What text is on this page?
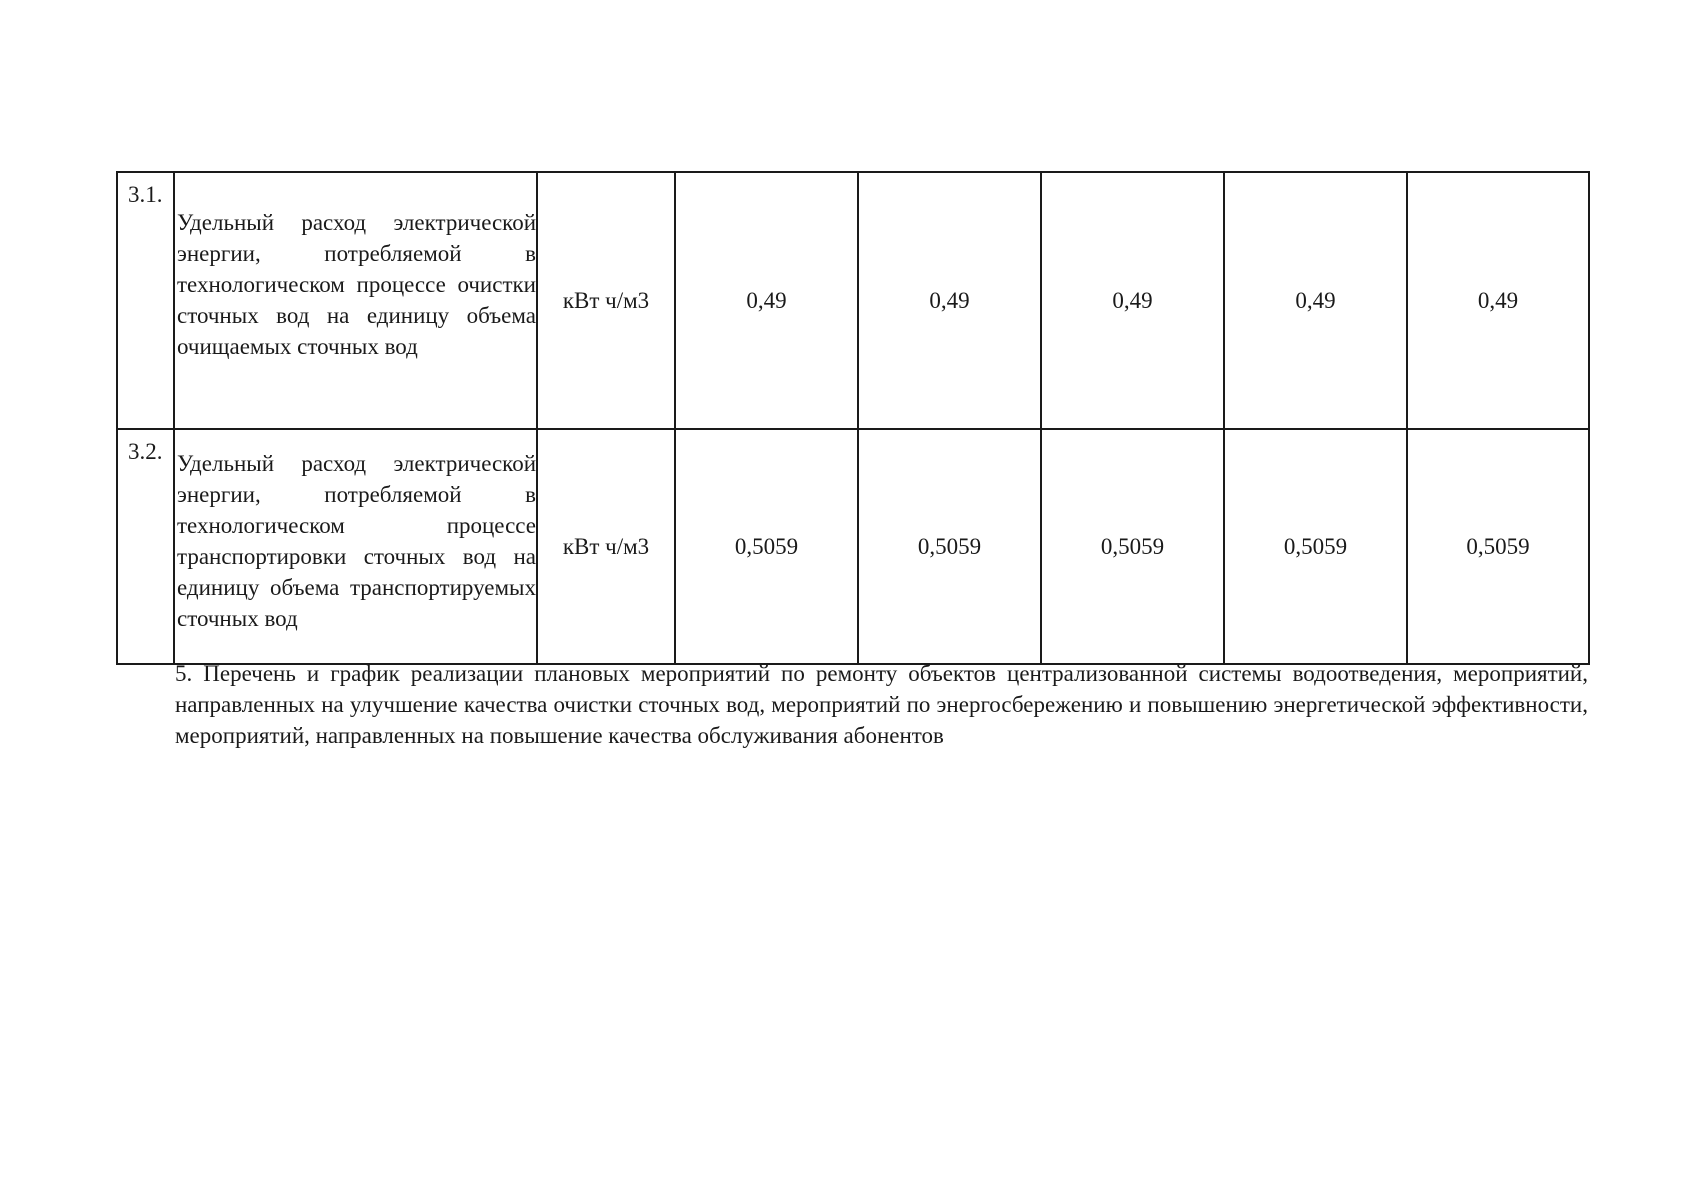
3.1.	Удельный расход электрической энергии, потребляемой в технологическом процессе очистки сточных вод на единицу объема очищаемых сточных вод	кВт ч/м3	0,49	0,49	0,49	0,49	0,49
3.2.	Удельный расход электрической энергии, потребляемой в технологическом процессе транспортировки сточных вод на единицу объема транспортируемых сточных вод	кВт ч/м3	0,5059	0,5059	0,5059	0,5059	0,5059

5. Перечень и график реализации плановых мероприятий по ремонту объектов централизованной системы водоотведения, мероприятий, направленных на улучшение качества очистки сточных вод, мероприятий по энергосбережению и повышению энергетической эффективности, мероприятий, направленных на повышение качества обслуживания абонентов
